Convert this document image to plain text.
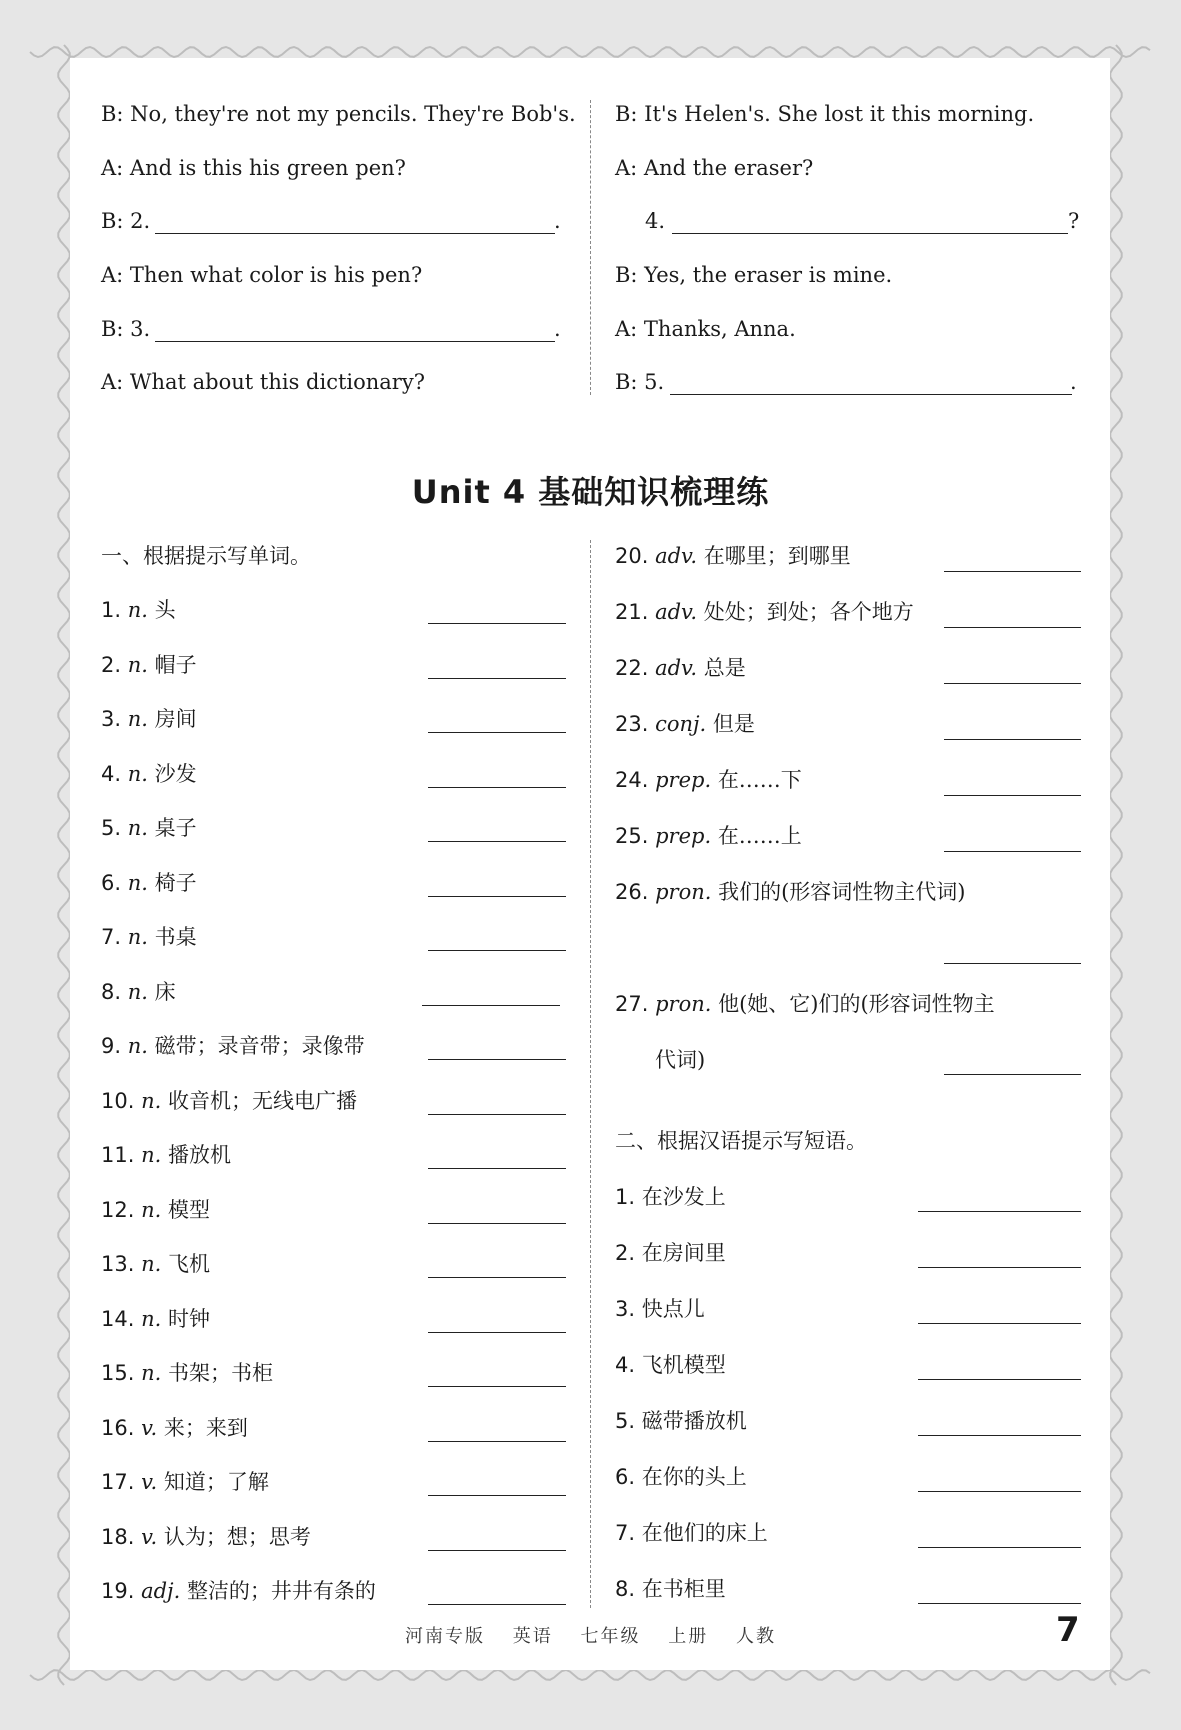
B: No, they're not my pencils. They're Bob's.
A: And is this his green pen?
B: 2.	.
A: Then what color is his pen?
B: 3.	.
A: What about this dictionary?
B: It's Helen's. She lost it this morning.
A: And the eraser?
4.	?
B: Yes, the eraser is mine.
A: Thanks, Anna.
B: 5.	.
Unit 4 基础知识梳理练
一、根据提示写单词。
1. n. 头
2. n. 帽子
3. n. 房间
4. n. 沙发
5. n. 桌子
6. n. 椅子
7. n. 书桌
8. n. 床
9. n. 磁带；录音带；录像带
10. n. 收音机；无线电广播
11. n. 播放机
12. n. 模型
13. n. 飞机
14. n. 时钟
15. n. 书架；书柜
16. v. 来；来到
17. v. 知道；了解
18. v. 认为；想；思考
19. adj. 整洁的；井井有条的
20. adv. 在哪里；到哪里
21. adv. 处处；到处；各个地方
22. adv. 总是
23. conj. 但是
24. prep. 在……下
25. prep. 在……上
26. pron. 我们的(形容词性物主代词)
27. pron. 他(她、它)们的(形容词性物主
代词)
二、根据汉语提示写短语。
1. 在沙发上
2. 在房间里
3. 快点儿
4. 飞机模型
5. 磁带播放机
6. 在你的头上
7. 在他们的床上
8. 在书柜里
河南专版 英语 七年级 上册 人教	7
